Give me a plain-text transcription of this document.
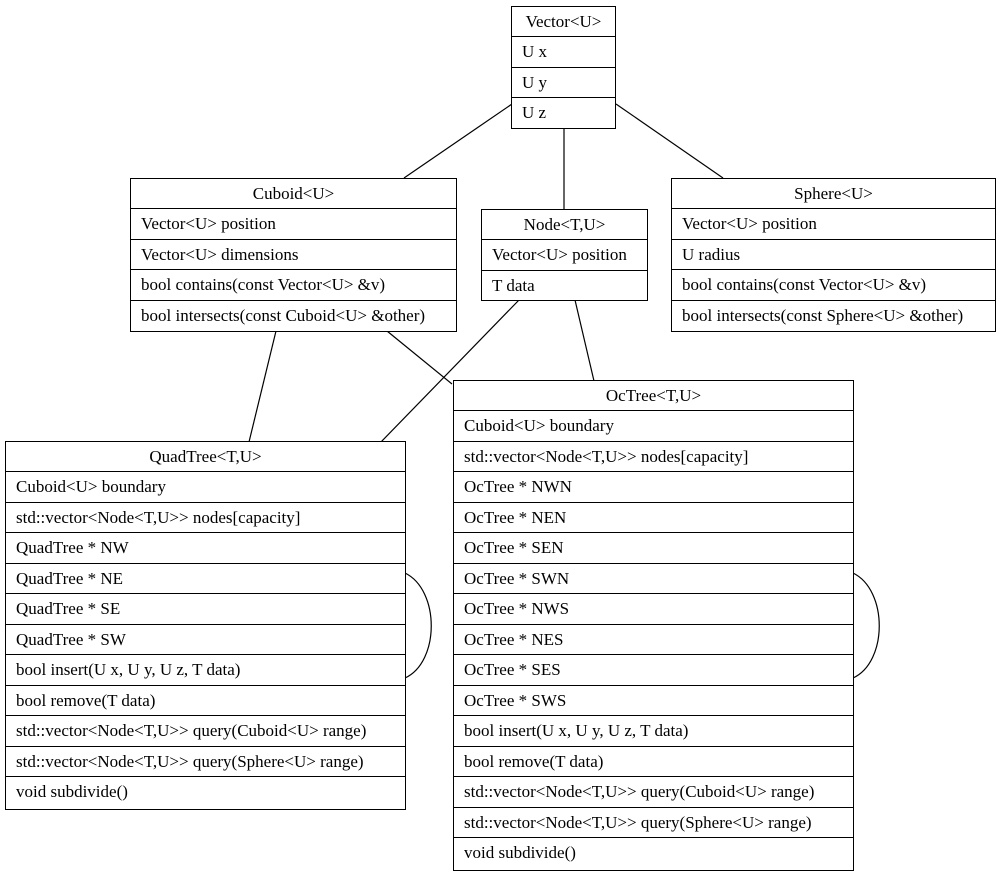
Vector<U>
U x
U y
U z
Cuboid<U>
Vector<U> position
Vector<U> dimensions
bool contains(const Vector<U> &v)
bool intersects(const Cuboid<U> &other)
Node<T,U>
Vector<U> position
T data
Sphere<U>
Vector<U> position
U radius
bool contains(const Vector<U> &v)
bool intersects(const Sphere<U> &other)
OcTree<T,U>
Cuboid<U> boundary
std::vector<Node<T,U>> nodes[capacity]
OcTree * NWN
OcTree * NEN
OcTree * SEN
OcTree * SWN
OcTree * NWS
OcTree * NES
OcTree * SES
OcTree * SWS
bool insert(U x, U y, U z, T data)
bool remove(T data)
std::vector<Node<T,U>> query(Cuboid<U> range)
std::vector<Node<T,U>> query(Sphere<U> range)
void subdivide()
QuadTree<T,U>
Cuboid<U> boundary
std::vector<Node<T,U>> nodes[capacity]
QuadTree * NW
QuadTree * NE
QuadTree * SE
QuadTree * SW
bool insert(U x, U y, U z, T data)
bool remove(T data)
std::vector<Node<T,U>> query(Cuboid<U> range)
std::vector<Node<T,U>> query(Sphere<U> range)
void subdivide()
